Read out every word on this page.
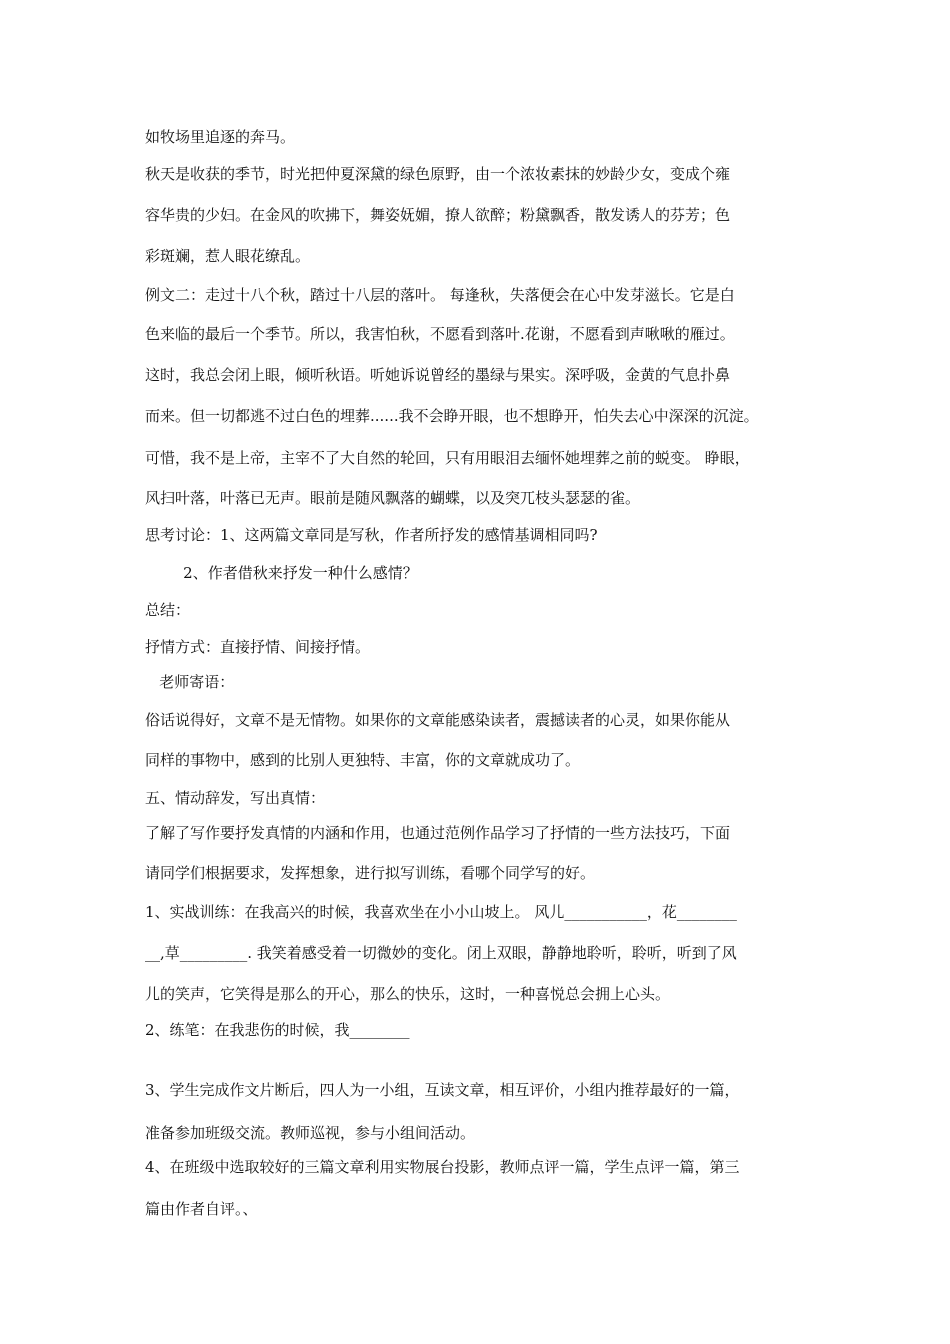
如牧场里追逐的奔马。
秋天是收获的季节，时光把仲夏深黛的绿色原野，由一个浓妆素抹的妙龄少女，变成个雍
容华贵的少妇。在金风的吹拂下，舞姿妩媚，撩人欲醉；粉黛飘香，散发诱人的芬芳；色
彩斑斓，惹人眼花缭乱。
例文二：走过十八个秋，踏过十八层的落叶。 每逢秋，失落便会在心中发芽滋长。它是白
色来临的最后一个季节。所以，我害怕秋，不愿看到落叶.花谢，不愿看到声啾啾的雁过。
这时，我总会闭上眼，倾听秋语。听她诉说曾经的墨绿与果实。深呼吸，金黄的气息扑鼻
而来。但一切都逃不过白色的埋葬......我不会睁开眼，也不想睁开，怕失去心中深深的沉淀。
可惜，我不是上帝，主宰不了大自然的轮回，只有用眼泪去缅怀她埋葬之前的蜕变。 睁眼，
风扫叶落，叶落已无声。眼前是随风飘落的蝴蝶，以及突兀枝头瑟瑟的雀。
思考讨论：1、这两篇文章同是写秋，作者所抒发的感情基调相同吗?
2、作者借秋来抒发一种什么感情？
总结：
抒情方式：直接抒情、间接抒情。
老师寄语：
俗话说得好，文章不是无情物。如果你的文章能感染读者，震撼读者的心灵，如果你能从
同样的事物中，感到的比别人更独特、丰富，你的文章就成功了。
五、情动辞发，写出真情：
了解了写作要抒发真情的内涵和作用，也通过范例作品学习了抒情的一些方法技巧，下面
请同学们根据要求，发挥想象，进行拟写训练，看哪个同学写的好。
1、实战训练：在我高兴的时候，我喜欢坐在小小山坡上。 风儿___________，花________
__,草_________. 我笑着感受着一切微妙的变化。闭上双眼，静静地聆听，聆听，听到了风
儿的笑声，它笑得是那么的开心，那么的快乐，这时，一种喜悦总会拥上心头。
2、练笔：在我悲伤的时候，我________
3、学生完成作文片断后，四人为一小组，互读文章，相互评价，小组内推荐最好的一篇，
准备参加班级交流。教师巡视，参与小组间活动。
4、在班级中选取较好的三篇文章利用实物展台投影，教师点评一篇，学生点评一篇，第三
篇由作者自评。、
